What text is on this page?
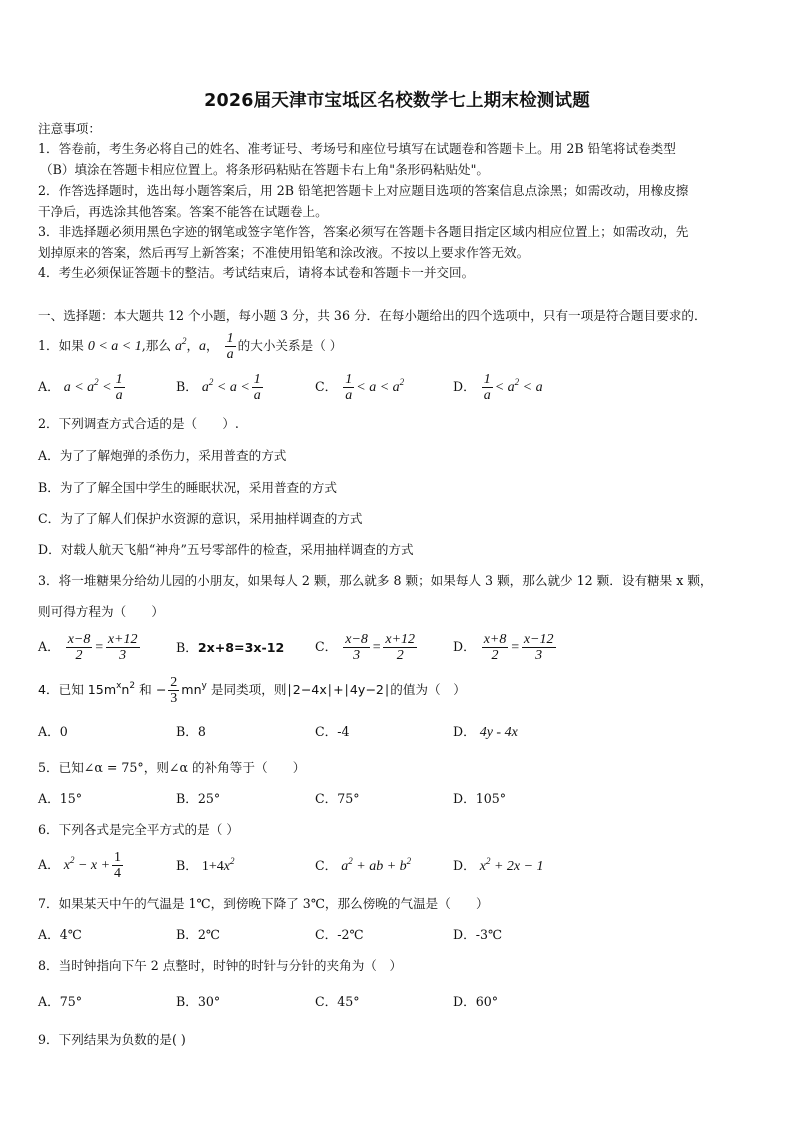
2026届天津市宝坻区名校数学七上期末检测试题
注意事项：
1．答卷前，考生务必将自己的姓名、准考证号、考场号和座位号填写在试题卷和答题卡上。用 2B 铅笔将试卷类型
（B）填涂在答题卡相应位置上。将条形码粘贴在答题卡右上角"条形码粘贴处"。
2．作答选择题时，选出每小题答案后，用 2B 铅笔把答题卡上对应题目选项的答案信息点涂黑；如需改动，用橡皮擦
干净后，再选涂其他答案。答案不能答在试题卷上。
3．非选择题必须用黑色字迹的钢笔或签字笔作答，答案必须写在答题卡各题目指定区域内相应位置上；如需改动，先
划掉原来的答案，然后再写上新答案；不准使用铅笔和涂改液。不按以上要求作答无效。
4．考生必须保证答题卡的整洁。考试结束后，请将本试卷和答题卡一并交回。
一、选择题：本大题共 12 个小题，每小题 3 分，共 36 分．在每小题给出的四个选项中，只有一项是符合题目要求的．
1．如果 0 < a < 1,那么 $a^2$，a， $\frac{1}{a}$ 的大小关系是（ ）
A． $a < a^2 < \frac{1}{a}$	B． $a^2 < a < \frac{1}{a}$	C． $\frac{1}{a} < a < a^2$	D． $\frac{1}{a} < a^2 < a$
2．下列调查方式合适的是（　　）.
A．为了了解炮弹的杀伤力，采用普查的方式
B．为了了解全国中学生的睡眠状况，采用普查的方式
C．为了了解人们保护水资源的意识，采用抽样调查的方式
D．对载人航天飞船“神舟”五号零部件的检查，采用抽样调查的方式
3．将一堆糖果分给幼儿园的小朋友，如果每人 2 颗，那么就多 8 颗；如果每人 3 颗，那么就少 12 颗．设有糖果 x 颗，
则可得方程为（　　）
A． $\frac{x-8}{2} = \frac{x+12}{3}$	B．2x+8=3x-12 C． $\frac{x-8}{3} = \frac{x+12}{2}$	D． $\frac{x+8}{2} = \frac{x-12}{3}$
4．已知 $15m^xn^2$ 和 − $\frac{2}{3} mn^y$ 是同类项，则∣2−4x∣+∣4y−2∣的值为（　）
A．0	B．8	C．-4	D． 4y - 4x
5．已知∠α = 75°，则∠α 的补角等于（　　）
A．15°	B．25°	C．75°	D．105°
6．下列各式是完全平方式的是（ ）
A． $x^2 - x + \frac{1}{4}$	B． $1+4x^2$	C． $a^2$ + ab + $b^2$	D． $x^2 + 2x - 1$
7．如果某天中午的气温是 1℃，到傍晚下降了 3℃，那么傍晚的气温是（　　）
A．4℃	B．2℃	C．-2℃	D．-3℃
8．当时钟指向下午 2 点整时，时钟的时针与分针的夹角为（　）
A．75°	B．30°	C．45°	D．60°
9．下列结果为负数的是( )
